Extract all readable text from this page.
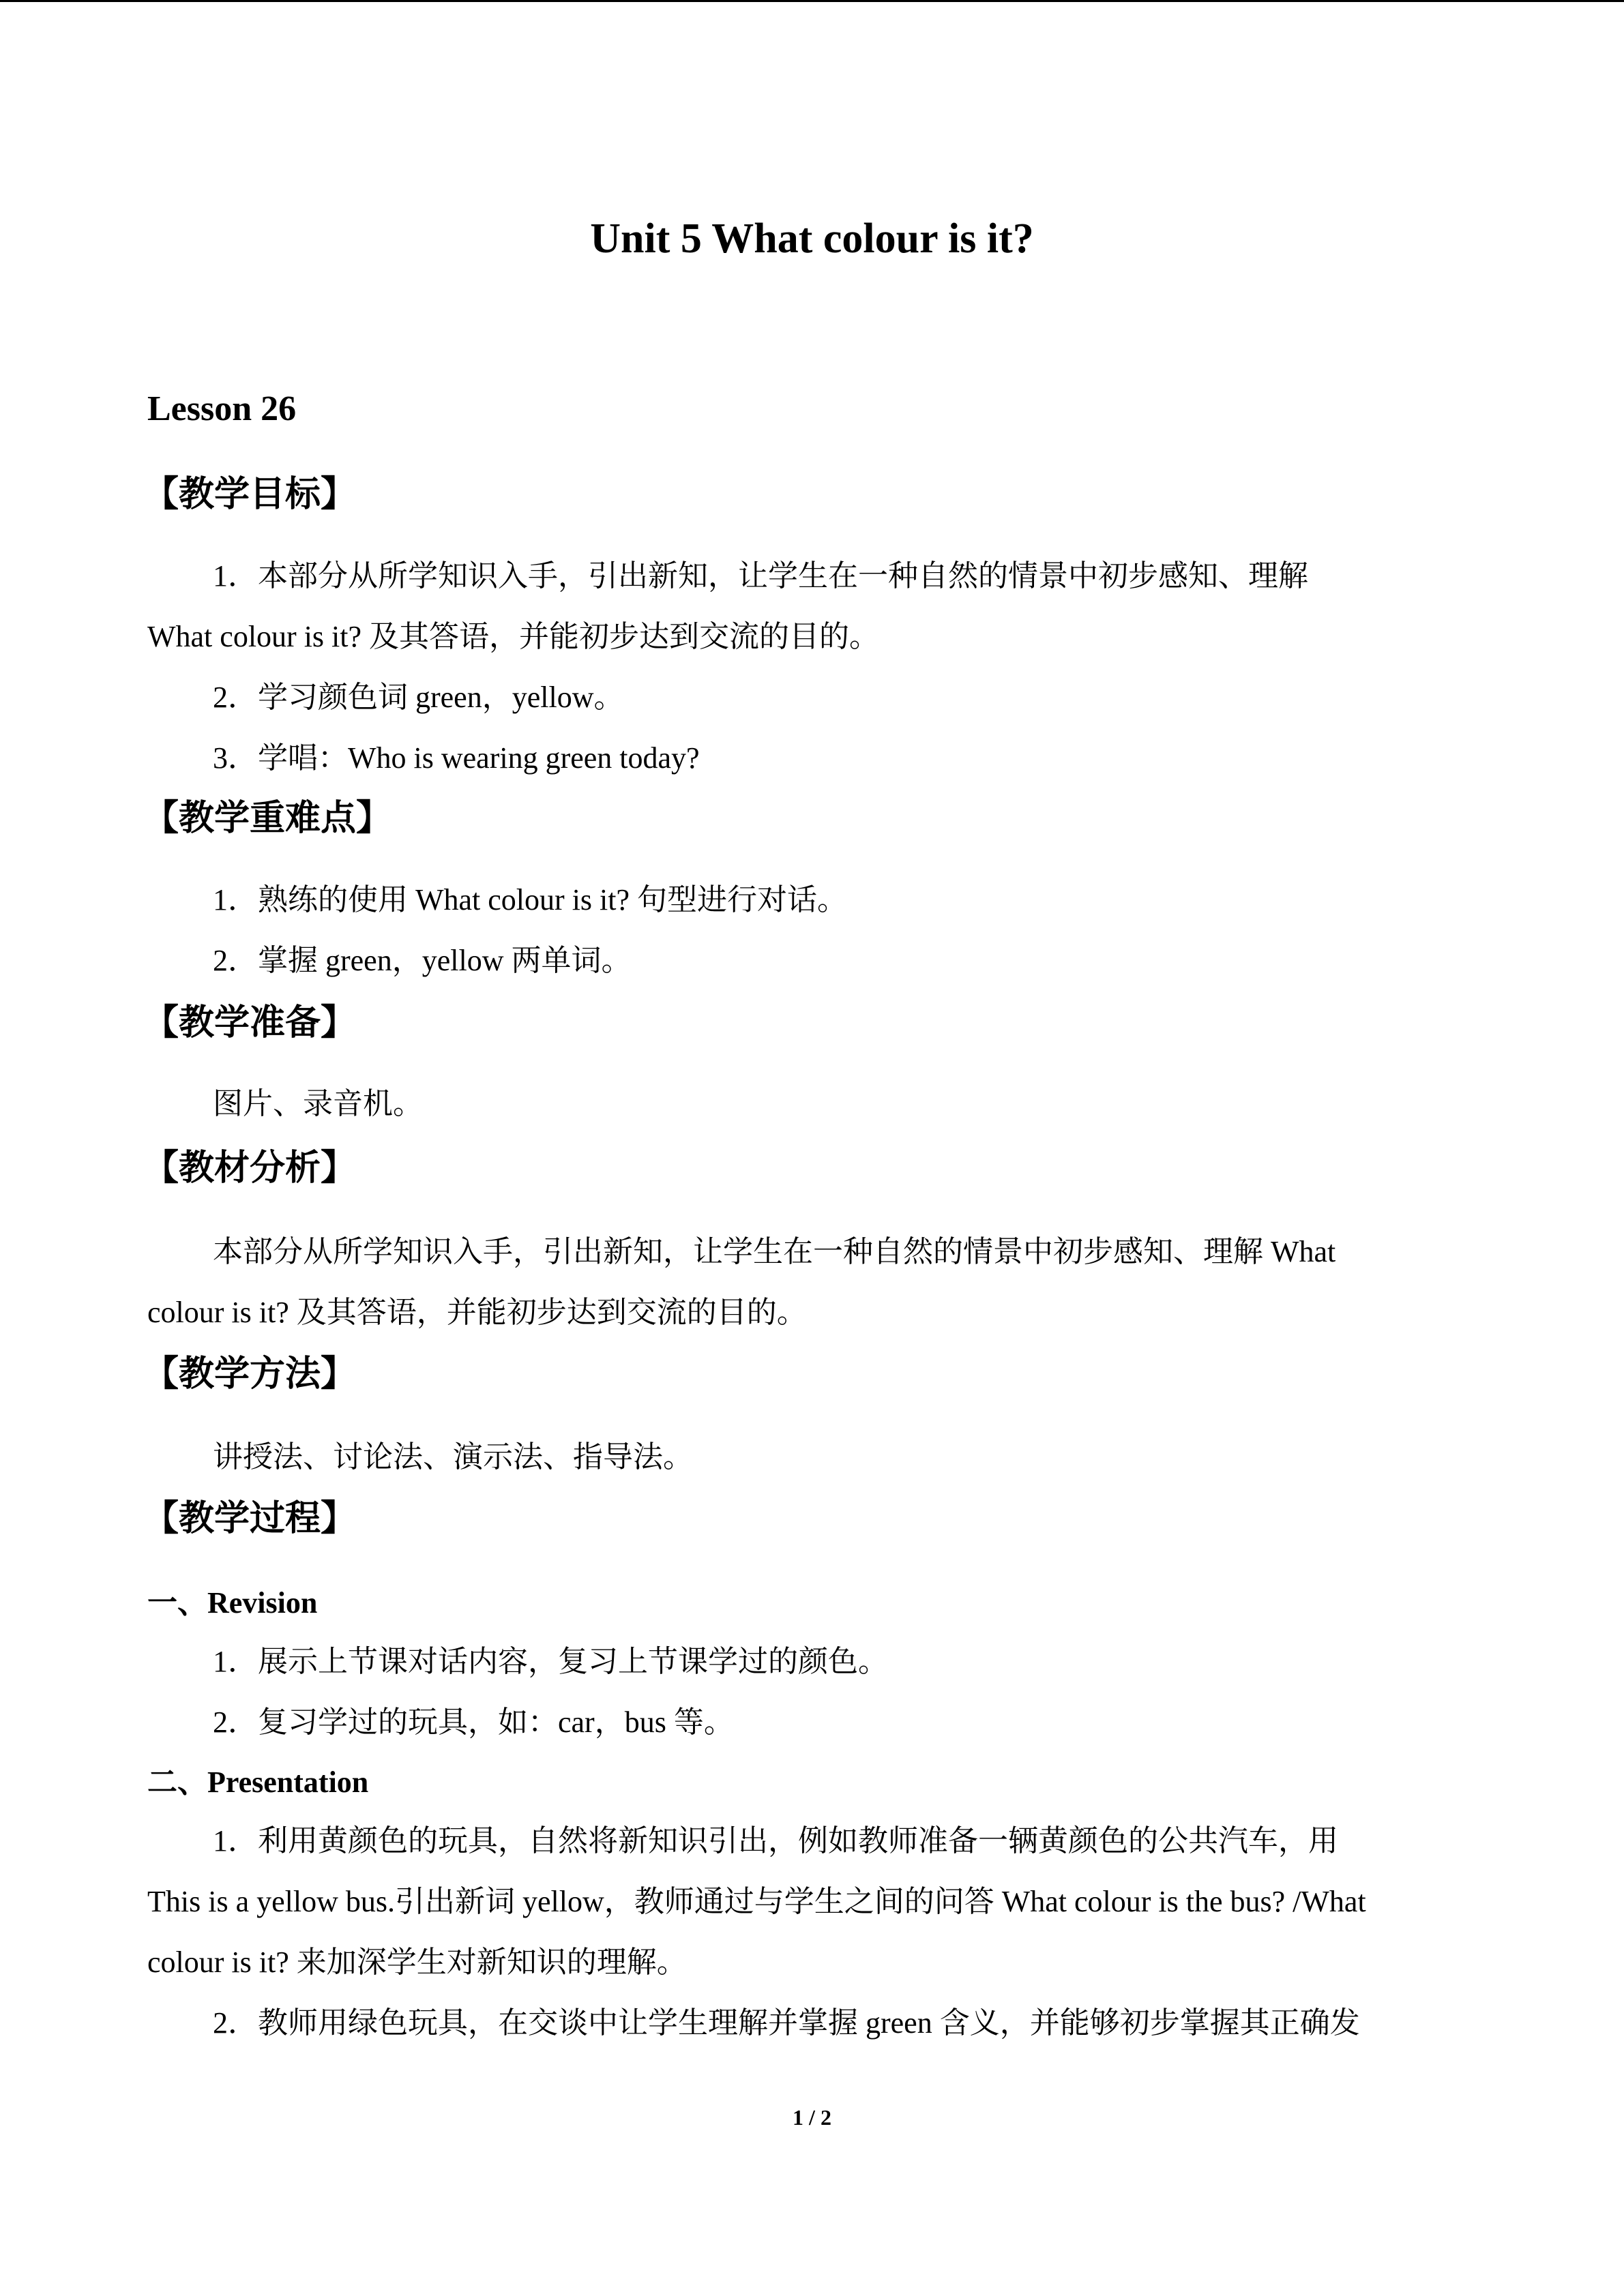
Unit 5 What colour is it?
Lesson 26
【教学目标】
1．本部分从所学知识入手，引出新知，让学生在一种自然的情景中初步感知、理解
What colour is it? 及其答语，并能初步达到交流的目的。
2．学习颜色词 green，yellow。
3．学唱：Who is wearing green today?
【教学重难点】
1．熟练的使用 What colour is it? 句型进行对话。
2．掌握 green，yellow 两单词。
【教学准备】
图片、录音机。
【教材分析】
本部分从所学知识入手，引出新知，让学生在一种自然的情景中初步感知、理解 What
colour is it? 及其答语，并能初步达到交流的目的。
【教学方法】
讲授法、讨论法、演示法、指导法。
【教学过程】
一、Revision
1．展示上节课对话内容，复习上节课学过的颜色。
2．复习学过的玩具，如：car，bus 等。
二、Presentation
1．利用黄颜色的玩具，自然将新知识引出，例如教师准备一辆黄颜色的公共汽车，用
This is a yellow bus.引出新词 yellow，教师通过与学生之间的问答 What colour is the bus? /What
colour is it? 来加深学生对新知识的理解。
2．教师用绿色玩具，在交谈中让学生理解并掌握 green 含义，并能够初步掌握其正确发
1 / 2
